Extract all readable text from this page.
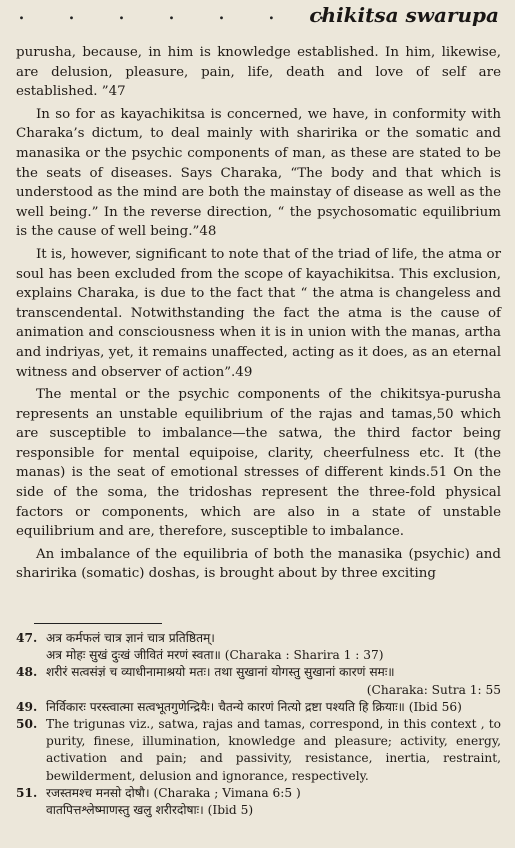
. . . . . . .
chikitsa swarupa

purusha, because, in him is knowledge established. In him, likewise, are delusion, pleasure, pain, life, death and love of self are established. ”47

In so for as kayachikitsa is concerned, we have, in conformity with Charaka’s dictum, to deal mainly with sharirika or the somatic and manasika or the psychic components of man, as these are stated to be the seats of diseases. Says Charaka, “The body and that which is understood as the mind are both the mainstay of disease as well as the well being.” In the reverse direction, “ the psychosomatic equilibrium is the cause of well being.”48

It is, however, significant to note that of the triad of life, the atma or soul has been excluded from the scope of kayachikitsa. This exclusion, explains Charaka, is due to the fact that “ the atma is changeless and transcendental. Notwithstanding the fact the atma is the cause of animation and consciousness when it is in union with the manas, artha and indriyas, yet, it remains unaffected, acting as it does, as an eternal witness and observer of action”.49

The mental or the psychic components of the chikitsya-purusha represents an unstable equilibrium of the rajas and tamas,50 which are susceptible to imbalance—the satwa, the third factor being responsible for mental equipoise, clarity, cheerfulness etc. It (the manas) is the seat of emotional stresses of different kinds.51 On the side of the soma, the tridoshas represent the three-fold physical factors or components, which are also in a state of unstable equilibrium and are, therefore, susceptible to imbalance.

An imbalance of the equilibria of both the manasika (psychic) and sharirika (somatic) doshas, is brought about by three exciting

47. अत्र कर्मफलं चात्र ज्ञानं चात्र प्रतिष्ठितम्।
अत्र मोहः सुखं दुःखं जीवितं मरणं स्वता॥ (Charaka : Sharira 1 : 37)
48. शरीरं सत्वसंज्ञं च व्याधीनामाश्रयो मतः। तथा सुखानां योगस्तु सुखानां कारणं समः॥
(Charaka: Sutra 1: 55
49. निर्विकारः परस्त्वात्मा सत्वभूतगुणेन्द्रियैः। चैतन्ये कारणं नित्यो द्रष्टा पश्यति हि क्रियाः॥ (Ibid 56)
50. The trigunas viz., satwa, rajas and tamas, correspond, in this context , to purity, finese, illumination, knowledge and pleasure; activity, energy, activation and pain; and passivity, resistance, inertia, restraint, bewilderment, delusion and ignorance, respectively.
51. रजस्तमश्च मनसो दोषौ। (Charaka ; Vimana 6:5 )
वातपित्तश्लेष्माणस्तु खलु शरीरदोषाः। (Ibid 5)
